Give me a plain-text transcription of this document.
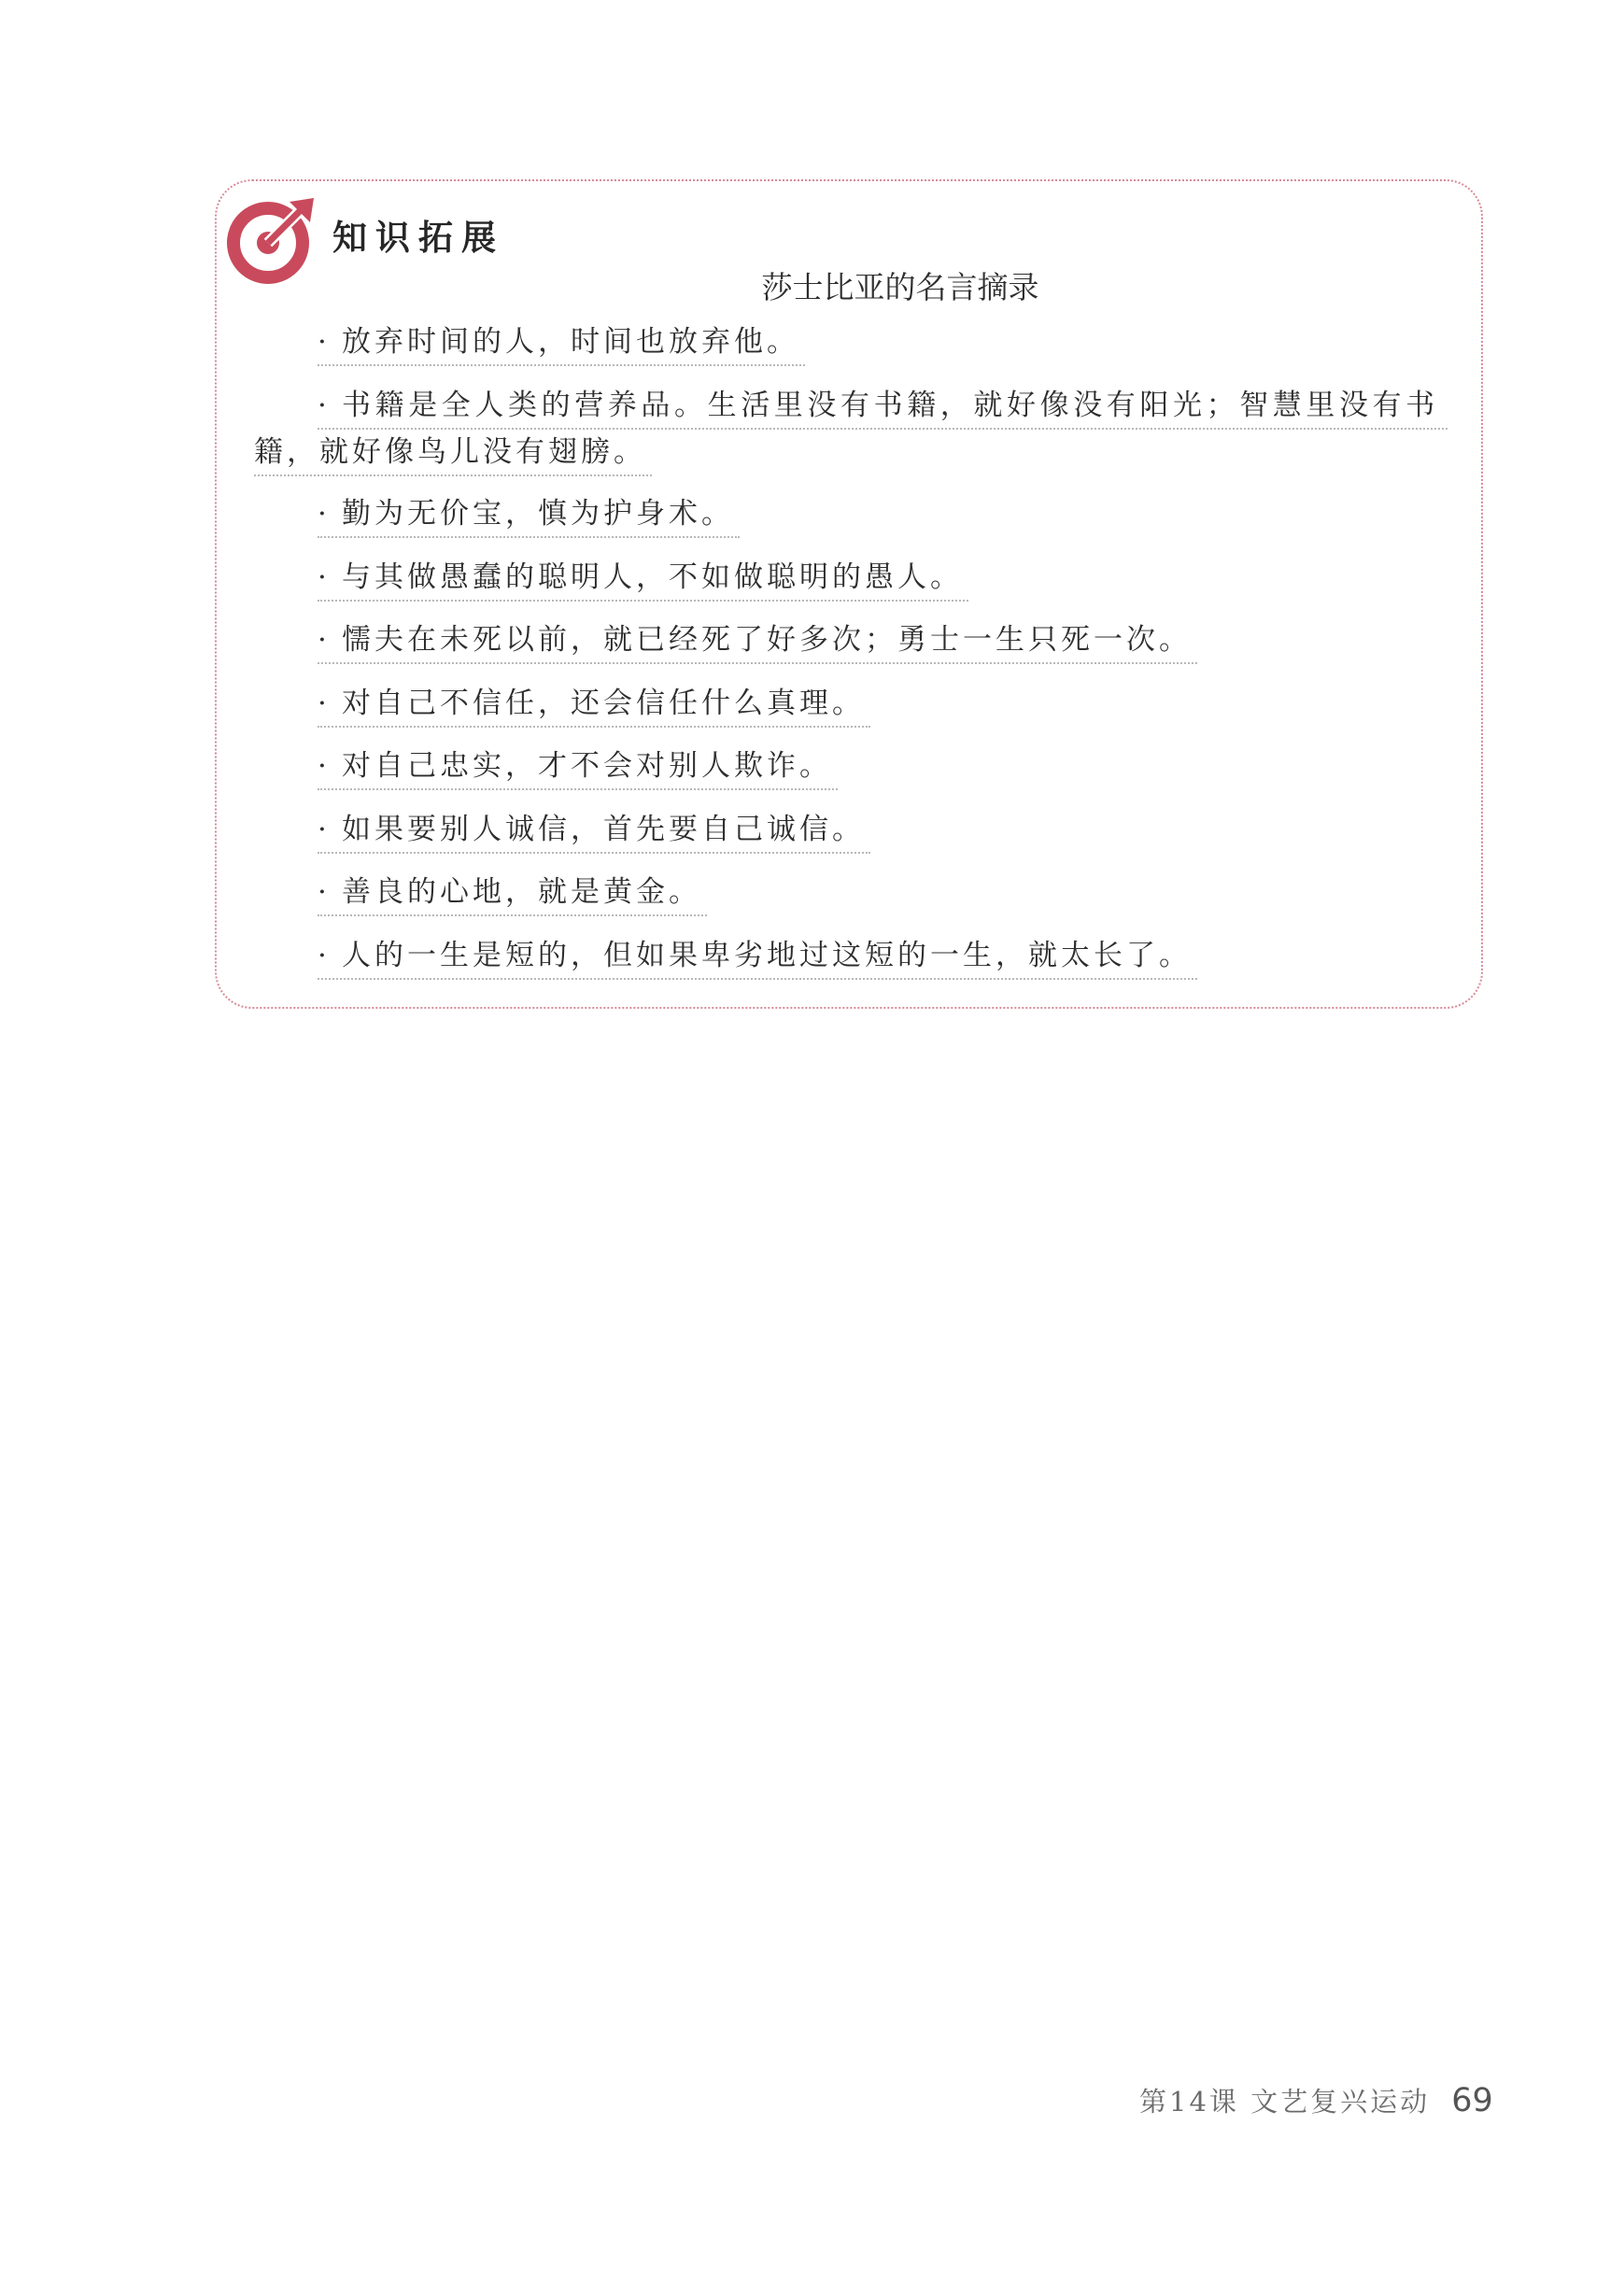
知识拓展
莎士比亚的名言摘录
· 放弃时间的人，时间也放弃他。
· 书籍是全人类的营养品。生活里没有书籍，就好像没有阳光；智慧里没有书
籍，就好像鸟儿没有翅膀。
· 勤为无价宝，慎为护身术。
· 与其做愚蠢的聪明人，不如做聪明的愚人。
· 懦夫在未死以前，就已经死了好多次；勇士一生只死一次。
· 对自己不信任，还会信任什么真理。
· 对自己忠实，才不会对别人欺诈。
· 如果要别人诚信，首先要自己诚信。
· 善良的心地，就是黄金。
· 人的一生是短的，但如果卑劣地过这短的一生，就太长了。
第14课 文艺复兴运动 69
